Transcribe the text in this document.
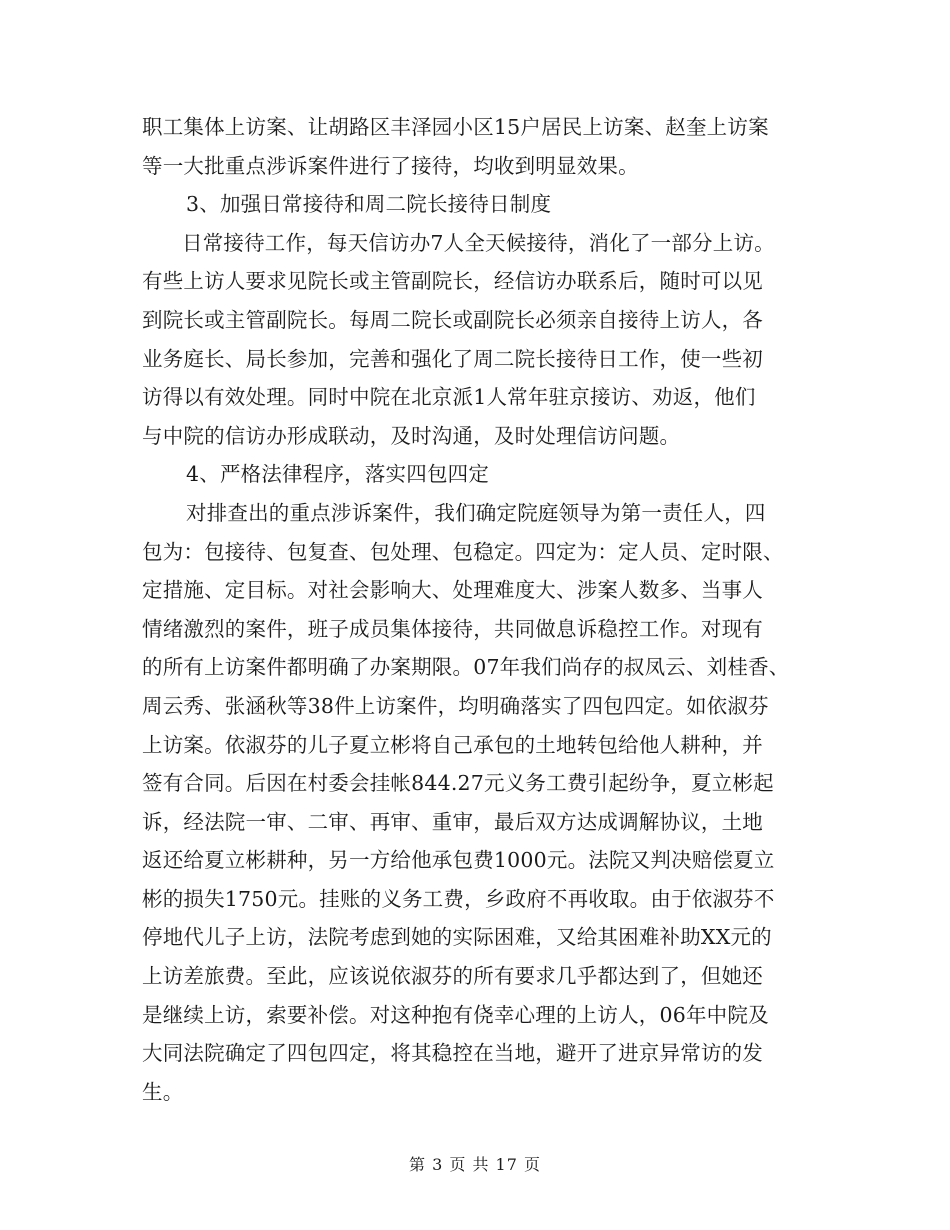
职工集体上访案、让胡路区丰泽园小区15户居民上访案、赵奎上访案
等一大批重点涉诉案件进行了接待，均收到明显效果。
3、加强日常接待和周二院长接待日制度
日常接待工作，每天信访办7人全天候接待，消化了一部分上访。
有些上访人要求见院长或主管副院长，经信访办联系后，随时可以见
到院长或主管副院长。每周二院长或副院长必须亲自接待上访人，各
业务庭长、局长参加，完善和强化了周二院长接待日工作，使一些初
访得以有效处理。同时中院在北京派1人常年驻京接访、劝返，他们
与中院的信访办形成联动，及时沟通，及时处理信访问题。
4、严格法律程序，落实四包四定
对排查出的重点涉诉案件，我们确定院庭领导为第一责任人，四
包为：包接待、包复查、包处理、包稳定。四定为：定人员、定时限、
定措施、定目标。对社会影响大、处理难度大、涉案人数多、当事人
情绪激烈的案件，班子成员集体接待，共同做息诉稳控工作。对现有
的所有上访案件都明确了办案期限。07年我们尚存的叔凤云、刘桂香、
周云秀、张涵秋等38件上访案件，均明确落实了四包四定。如依淑芬
上访案。依淑芬的儿子夏立彬将自己承包的土地转包给他人耕种，并
签有合同。后因在村委会挂帐844.27元义务工费引起纷争，夏立彬起
诉，经法院一审、二审、再审、重审，最后双方达成调解协议，土地
返还给夏立彬耕种，另一方给他承包费1000元。法院又判决赔偿夏立
彬的损失1750元。挂账的义务工费，乡政府不再收取。由于依淑芬不
停地代儿子上访，法院考虑到她的实际困难，又给其困难补助XX元的
上访差旅费。至此，应该说依淑芬的所有要求几乎都达到了，但她还
是继续上访，索要补偿。对这种抱有侥幸心理的上访人，06年中院及
大同法院确定了四包四定，将其稳控在当地，避开了进京异常访的发
生。
第 3 页 共 17 页
